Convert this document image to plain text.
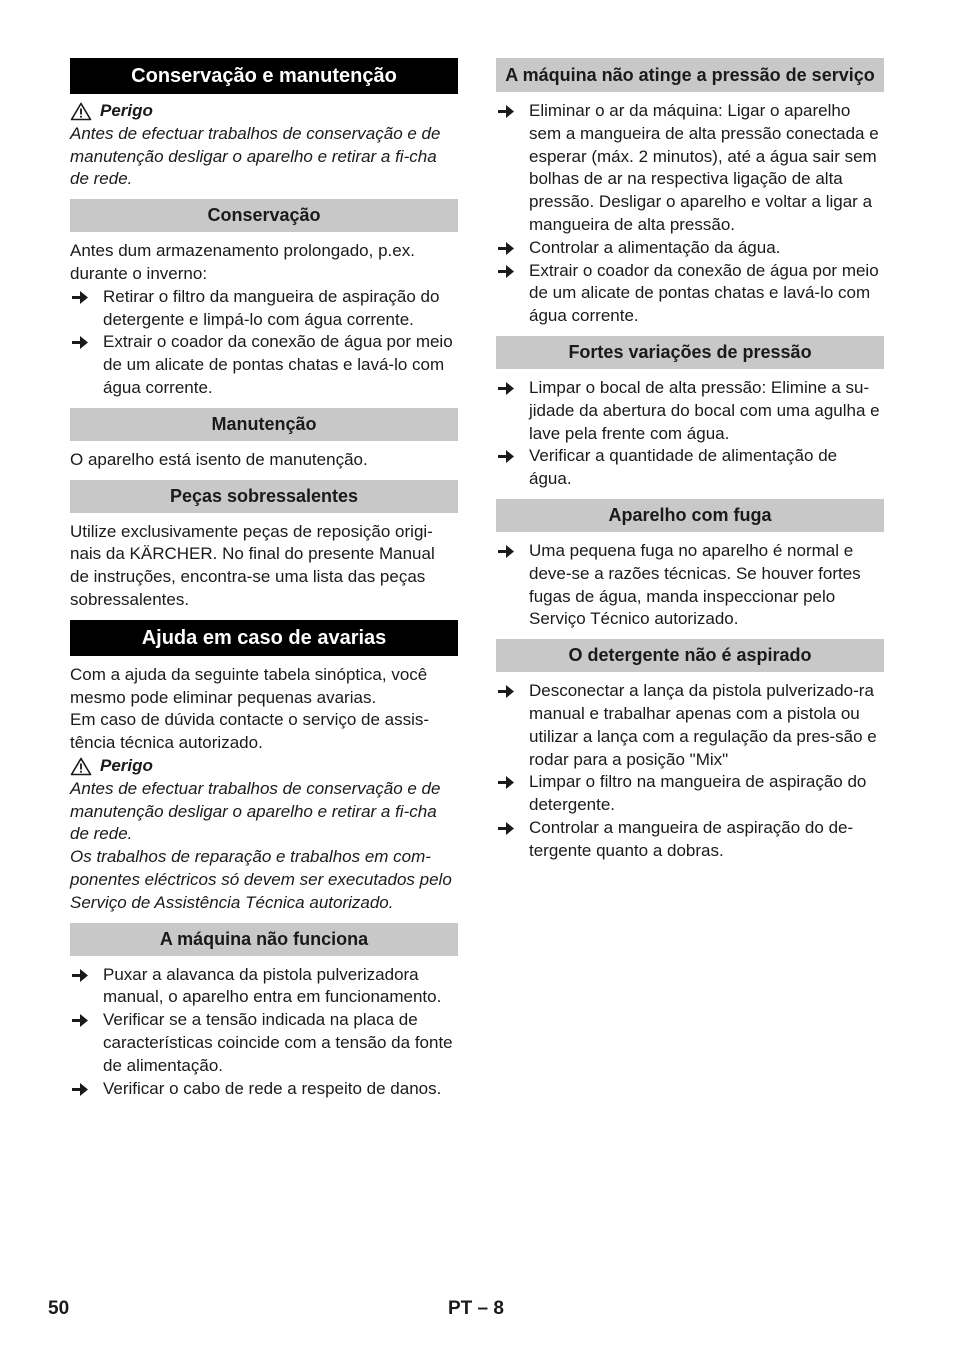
Conservação e manutenção
Perigo

Antes de efectuar trabalhos de conservação e de manutenção desligar o aparelho e retirar a fi-cha de rede.

Conservação

Antes dum armazenamento prolongado, p.ex. durante o inverno:

Retirar o filtro da mangueira de aspiração do detergente e limpá-lo com água corrente.
Extrair o coador da conexão de água por meio de um alicate de pontas chatas e lavá-lo com água corrente.
Manutenção

O aparelho está isento de manutenção.

Peças sobressalentes

Utilize exclusivamente peças de reposição origi-nais da KÄRCHER. No final do presente Manual de instruções, encontra-se uma lista das peças sobressalentes.

Ajuda em caso de avarias

Com a ajuda da seguinte tabela sinóptica, você mesmo pode eliminar pequenas avarias.

Em caso de dúvida contacte o serviço de assis-tência técnica autorizado.

Perigo

Antes de efectuar trabalhos de conservação e de manutenção desligar o aparelho e retirar a fi-cha de rede.

Os trabalhos de reparação e trabalhos em com-ponentes eléctricos só devem ser executados pelo Serviço de Assistência Técnica autorizado.

A máquina não funciona
Puxar a alavanca da pistola pulverizadora manual, o aparelho entra em funcionamento.
Verificar se a tensão indicada na placa de características coincide com a tensão da fonte de alimentação.
Verificar o cabo de rede a respeito de danos.
A máquina não atinge a pressão de serviço
Eliminar o ar da máquina: Ligar o aparelho sem a mangueira de alta pressão conectada e esperar (máx. 2 minutos), até a água sair sem bolhas de ar na respectiva ligação de alta pressão. Desligar o aparelho e voltar a ligar a mangueira de alta pressão.
Controlar a alimentação da água.
Extrair o coador da conexão de água por meio de um alicate de pontas chatas e lavá-lo com água corrente.
Fortes variações de pressão
Limpar o bocal de alta pressão: Elimine a su-jidade da abertura do bocal com uma agulha e lave pela frente com água.
Verificar a quantidade de alimentação de água.
Aparelho com fuga
Uma pequena fuga no aparelho é normal e deve-se a razões técnicas. Se houver fortes fugas de água, manda inspeccionar pelo Serviço Técnico autorizado.
O detergente não é aspirado
Desconectar a lança da pistola pulverizado-ra manual e trabalhar apenas com a pistola ou utilizar a lança com a regulação da pres-são e rodar para a posição "Mix"
Limpar o filtro na mangueira de aspiração do detergente.
Controlar a mangueira de aspiração do de-tergente quanto a dobras.
50	PT – 8
